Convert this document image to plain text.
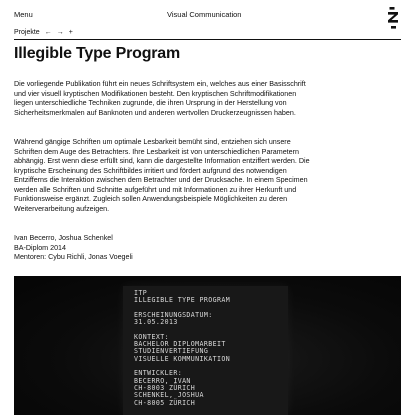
Menu	Visual Communication
Projekte ← → +
Illegible Type Program

Die vorliegende Publikation führt ein neues Schriftsystem ein, welches aus einer Basisschrift und vier visuell kryptischen Modifikationen besteht. Den kryptischen Schriftmodifikationen liegen unterschiedliche Techniken zugrunde, die ihren Ursprung in der Herstellung von Sicherheitsmerkmalen auf Banknoten und anderen wertvollen Druckerzeugnissen haben.

Während gängige Schriften um optimale Lesbarkeit bemüht sind, entziehen sich unsere Schriften dem Auge des Betrachters. Ihre Lesbarkeit ist von unterschiedlichen Parametern abhängig. Erst wenn diese erfüllt sind, kann die dargestellte Information entziffert werden. Die kryptische Erscheinung des Schriftbildes irritiert und fördert aufgrund des notwendigen Entzifferns die Interaktion zwischen dem Betrachter und der Drucksache. In einem Specimen werden alle Schriften und Schnitte aufgeführt und mit Informationen zu ihrer Herkunft und Funktionsweise ergänzt. Zugleich sollen Anwendungsbeispiele Möglichkeiten zu deren Weiterverarbeitung aufzeigen.

Ivan Becerro, Joshua Schenkel
BA-Diplom 2014
Mentoren: Cybu Richli, Jonas Voegeli
ITP
ILLEGIBLE TYPE PROGRAM
ERSCHEINUNGSDATUM:
31.05.2013
KONTEXT:
BACHELOR DIPLOMARBEIT
STUDIENVERTIEFUNG
VISUELLE KOMMUNIKATION
ENTWICKLER:
BECERRO, IVAN
CH-8003 ZÜRICH
SCHENKEL, JOSHUA
CH-8005 ZÜRICH
